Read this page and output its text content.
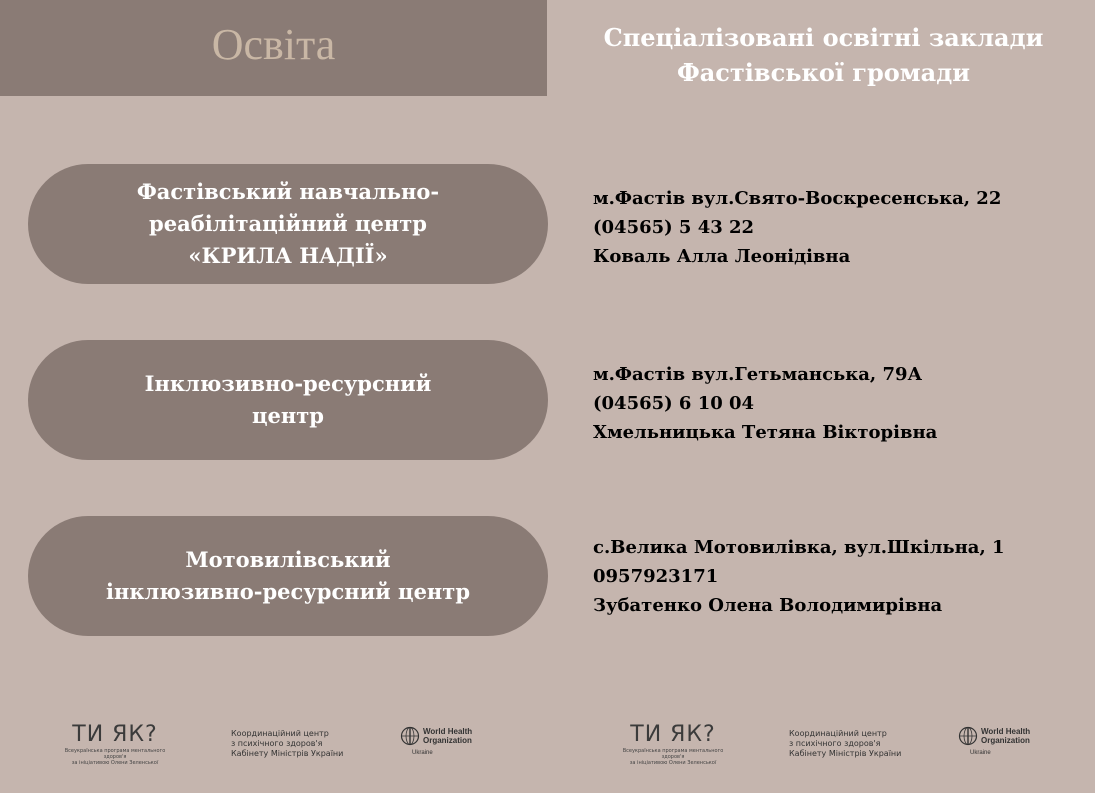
Освіта	Спеціалізовані освітні заклади
Фастівської громади
Фастівський навчально-
реабілітаційний центр
«КРИЛА НАДІЇ»
м.Фастів вул.Свято-Воскресенська, 22
(04565) 5 43 22
Коваль Алла Леонідівна
Інклюзивно-ресурсний
центр
м.Фастів вул.Гетьманська, 79А
(04565) 6 10 04
Хмельницька Тетяна Вікторівна
Мотовилівський
інклюзивно-ресурсний центр
с.Велика Мотовилівка, вул.Шкільна, 1
0957923171
Зубатенко Олена Володимирівна
ТИ ЯК?
Всеукраїнська програма ментального здоров'я
за ініціативою Олени Зеленської
Координаційний центр
з психічного здоров'я
Кабінету Міністрів України
World Health
Organization
Ukraine
ТИ ЯК?
Всеукраїнська програма ментального здоров'я
за ініціативою Олени Зеленської
Координаційний центр
з психічного здоров'я
Кабінету Міністрів України
World Health
Organization
Ukraine
